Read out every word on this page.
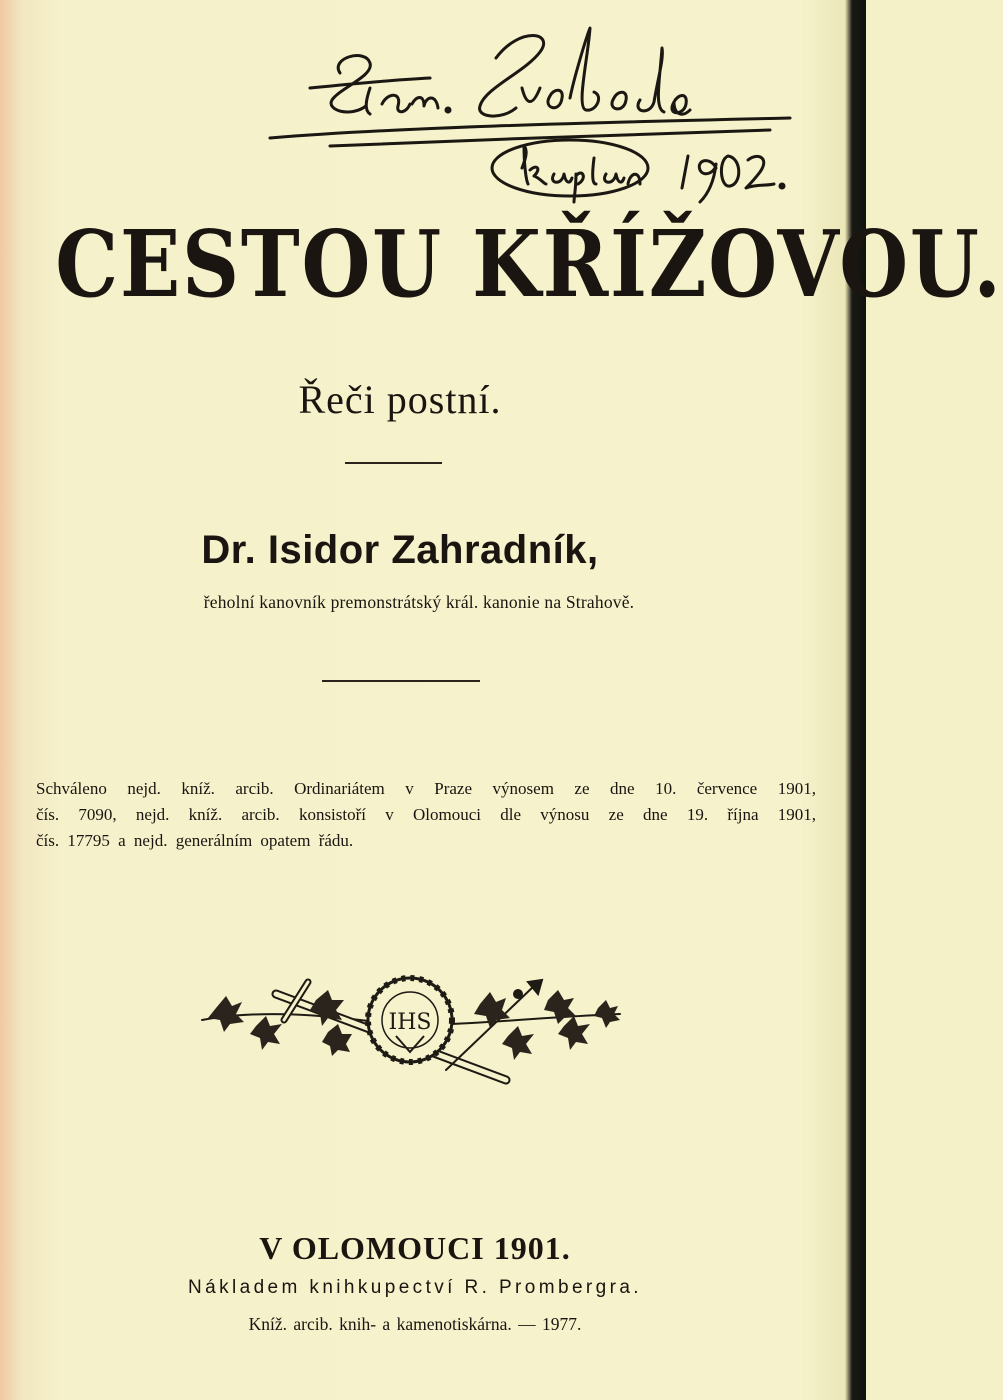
CESTOU KŘÍŽOVOU.
Řeči postní.
Dr. Isidor Zahradník,
řeholní kanovník premonstrátský král. kanonie na Strahově.
Schváleno nejd. kníž. arcib. Ordinariátem v Praze výnosem ze dne 10. července 1901,
čís. 7090, nejd. kníž. arcib. konsistoří v Olomouci dle výnosu ze dne 19. října 1901,
čís. 17795 a nejd. generálním opatem řádu.
IHS
V OLOMOUCI 1901.
Nákladem knihkupectví R. Prombergra.
Kníž. arcib. knih- a kamenotiskárna. — 1977.
